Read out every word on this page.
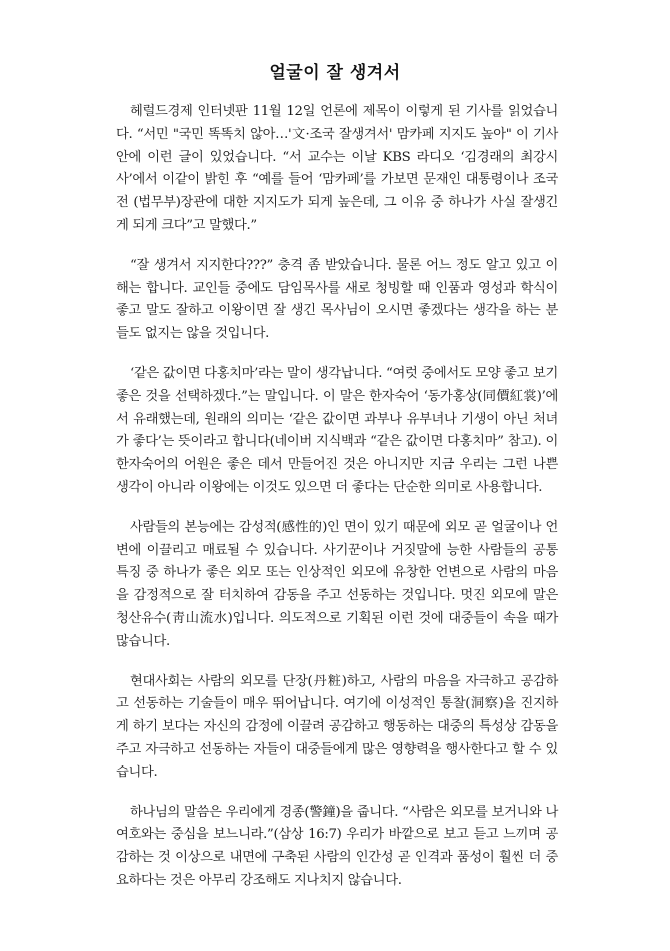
얼굴이 잘 생겨서

헤럴드경제 인터넷판 11월 12일 언론에 제목이 이렇게 된 기사를 읽었습니다. “서민 "국민 똑똑치 않아…'文·조국 잘생겨서' 맘카페 지지도 높아" 이 기사 안에 이런 글이 있었습니다. “서 교수는 이날 KBS 라디오 ‘김경래의 최강시사’에서 이같이 밝힌 후 “예를 들어 ‘맘카페’를 가보면 문재인 대통령이나 조국 전 (법무부)장관에 대한 지지도가 되게 높은데, 그 이유 중 하나가 사실 잘생긴 게 되게 크다”고 말했다.”

“잘 생겨서 지지한다???” 충격 좀 받았습니다. 물론 어느 정도 알고 있고 이해는 합니다. 교인들 중에도 담임목사를 새로 청빙할 때 인품과 영성과 학식이 좋고 말도 잘하고 이왕이면 잘 생긴 목사님이 오시면 좋겠다는 생각을 하는 분들도 없지는 않을 것입니다.

‘같은 값이면 다홍치마’라는 말이 생각납니다. “여럿 중에서도 모양 좋고 보기 좋은 것을 선택하겠다.”는 말입니다. 이 말은 한자숙어 ‘동가홍상(同價紅裳)’에서 유래했는데, 원래의 의미는 ‘같은 값이면 과부나 유부녀나 기생이 아닌 처녀가 좋다’는 뜻이라고 합니다(네이버 지식백과 “같은 값이면 다홍치마” 참고). 이 한자숙어의 어원은 좋은 데서 만들어진 것은 아니지만 지금 우리는 그런 나쁜 생각이 아니라 이왕에는 이것도 있으면 더 좋다는 단순한 의미로 사용합니다.

사람들의 본능에는 감성적(感性的)인 면이 있기 때문에 외모 곧 얼굴이나 언변에 이끌리고 매료될 수 있습니다. 사기꾼이나 거짓말에 능한 사람들의 공통 특징 중 하나가 좋은 외모 또는 인상적인 외모에 유창한 언변으로 사람의 마음을 감정적으로 잘 터치하여 감동을 주고 선동하는 것입니다. 멋진 외모에 말은 청산유수(靑山流水)입니다. 의도적으로 기획된 이런 것에 대중들이 속을 때가 많습니다.

현대사회는 사람의 외모를 단장(丹粧)하고, 사람의 마음을 자극하고 공감하고 선동하는 기술들이 매우 뛰어납니다. 여기에 이성적인 통찰(洞察)을 진지하게 하기 보다는 자신의 감정에 이끌려 공감하고 행동하는 대중의 특성상 감동을 주고 자극하고 선동하는 자들이 대중들에게 많은 영향력을 행사한다고 할 수 있습니다.

하나님의 말씀은 우리에게 경종(警鐘)을 줍니다. “사람은 외모를 보거니와 나 여호와는 중심을 보느니라.”(삼상 16:7) 우리가 바깥으로 보고 듣고 느끼며 공감하는 것 이상으로 내면에 구축된 사람의 인간성 곧 인격과 품성이 훨씬 더 중요하다는 것은 아무리 강조해도 지나치지 않습니다.
